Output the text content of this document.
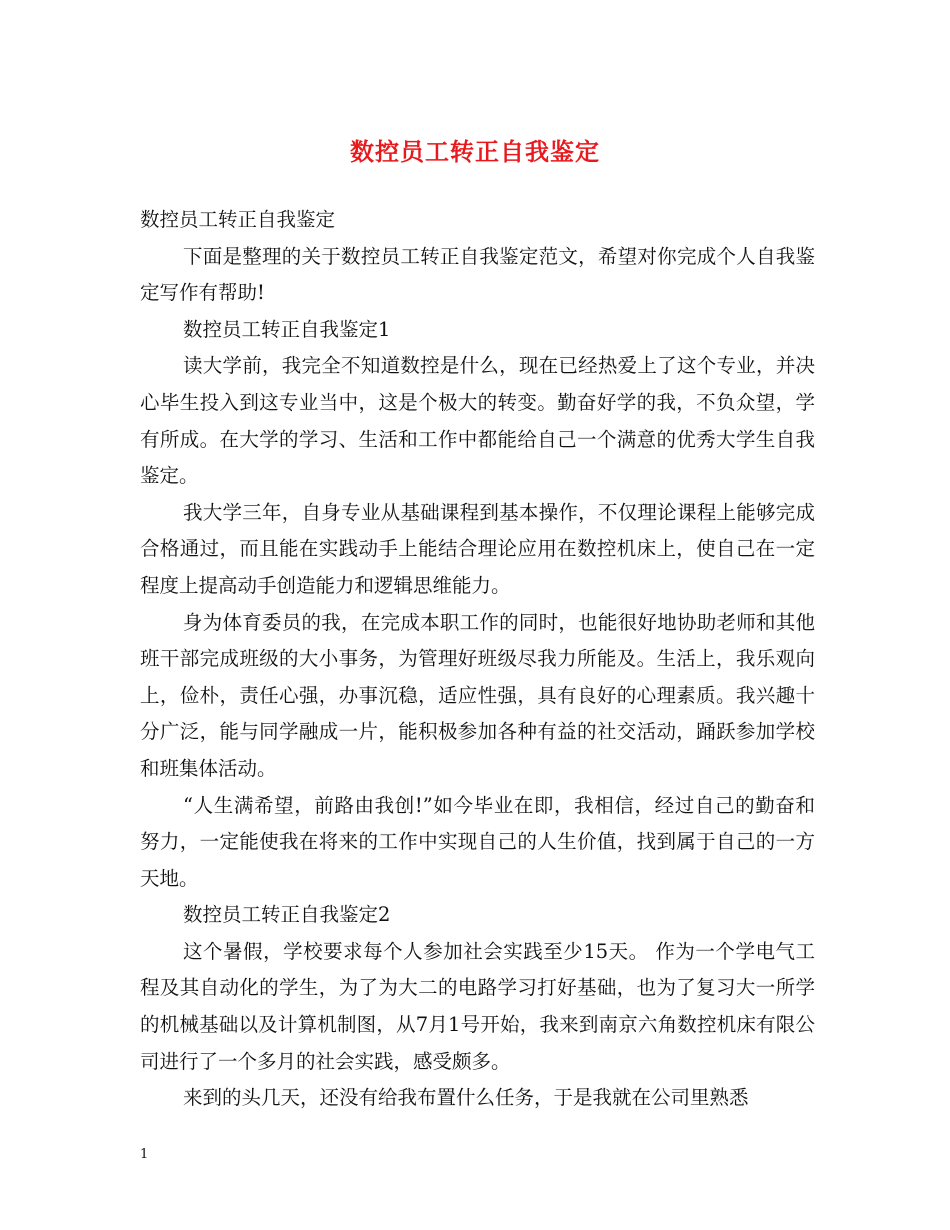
数控员工转正自我鉴定

数控员工转正自我鉴定

下面是整理的关于数控员工转正自我鉴定范文，希望对你完成个人自我鉴定写作有帮助!

数控员工转正自我鉴定1

读大学前，我完全不知道数控是什么，现在已经热爱上了这个专业，并决心毕生投入到这专业当中，这是个极大的转变。勤奋好学的我，不负众望，学有所成。在大学的学习、生活和工作中都能给自己一个满意的优秀大学生自我鉴定。

我大学三年，自身专业从基础课程到基本操作，不仅理论课程上能够完成合格通过，而且能在实践动手上能结合理论应用在数控机床上，使自己在一定程度上提高动手创造能力和逻辑思维能力。

身为体育委员的我，在完成本职工作的同时，也能很好地协助老师和其他班干部完成班级的大小事务，为管理好班级尽我力所能及。生活上，我乐观向上，俭朴，责任心强，办事沉稳，适应性强，具有良好的心理素质。我兴趣十分广泛，能与同学融成一片，能积极参加各种有益的社交活动，踊跃参加学校和班集体活动。

“人生满希望，前路由我创!”如今毕业在即，我相信，经过自己的勤奋和努力，一定能使我在将来的工作中实现自己的人生价值，找到属于自己的一方天地。

数控员工转正自我鉴定2

这个暑假，学校要求每个人参加社会实践至少15天。 作为一个学电气工程及其自动化的学生，为了为大二的电路学习打好基础，也为了复习大一所学的机械基础以及计算机制图，从7月1号开始，我来到南京六角数控机床有限公司进行了一个多月的社会实践，感受颇多。

来到的头几天，还没有给我布置什么任务，于是我就在公司里熟悉

1
